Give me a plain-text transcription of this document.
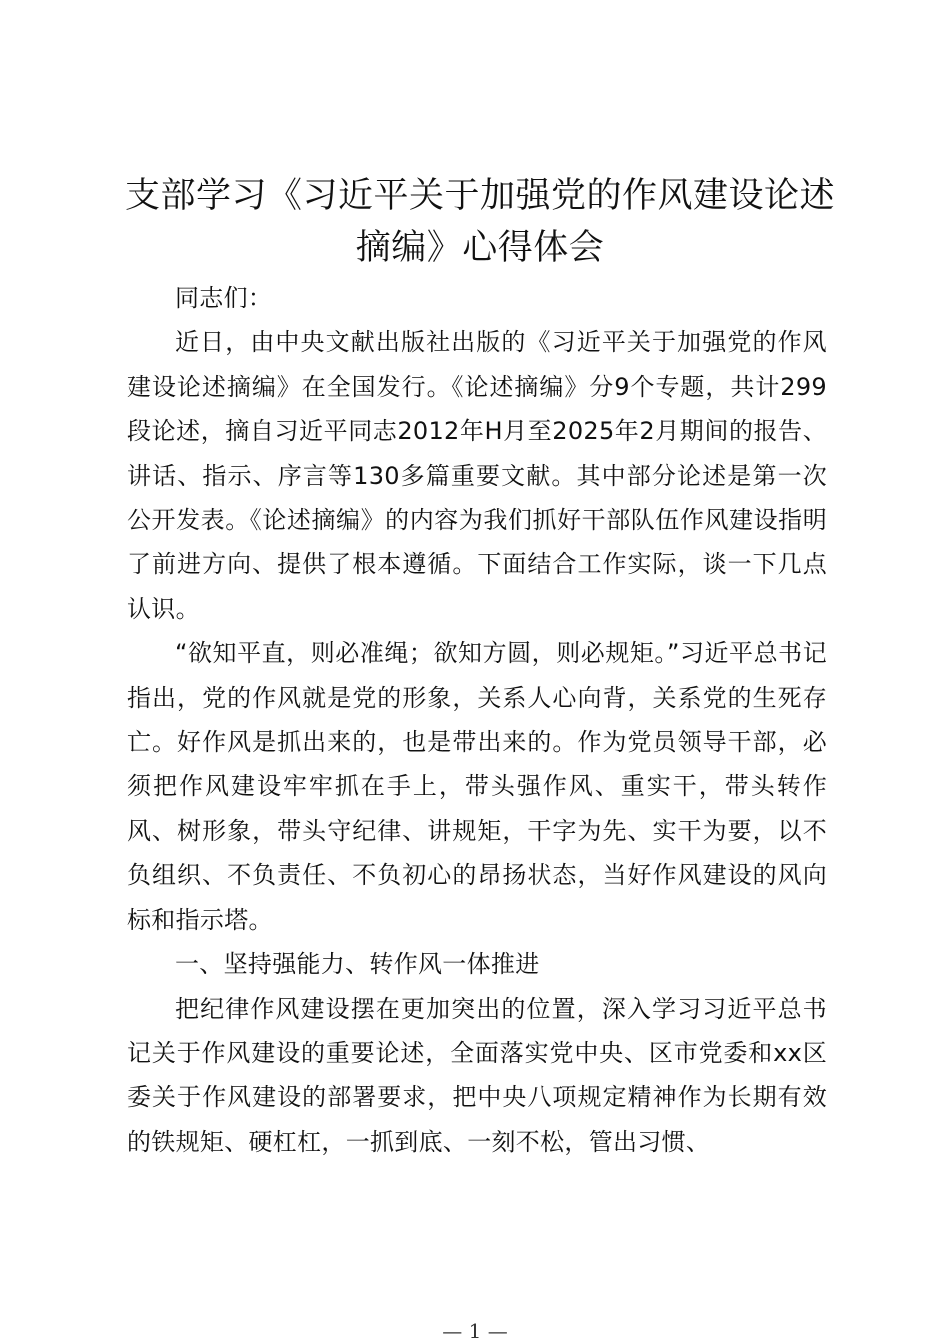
支部学习《习近平关于加强党的作风建设论述摘编》心得体会

同志们：

近日，由中央文献出版社出版的《习近平关于加强党的作风建设论述摘编》在全国发行。《论述摘编》分9个专题，共计299段论述，摘自习近平同志2012年H月至2025年2月期间的报告、讲话、指示、序言等130多篇重要文献。其中部分论述是第一次公开发表。《论述摘编》的内容为我们抓好干部队伍作风建设指明了前进方向、提供了根本遵循。下面结合工作实际，谈一下几点认识。

“欲知平直，则必准绳；欲知方圆，则必规矩。”习近平总书记指出，党的作风就是党的形象，关系人心向背，关系党的生死存亡。好作风是抓出来的，也是带出来的。作为党员领导干部，必须把作风建设牢牢抓在手上，带头强作风、重实干，带头转作风、树形象，带头守纪律、讲规矩，干字为先、实干为要，以不负组织、不负责任、不负初心的昂扬状态，当好作风建设的风向标和指示塔。

一、坚持强能力、转作风一体推进

把纪律作风建设摆在更加突出的位置，深入学习习近平总书记关于作风建设的重要论述，全面落实党中央、区市党委和xx区委关于作风建设的部署要求，把中央八项规定精神作为长期有效的铁规矩、硬杠杠，一抓到底、一刻不松，管出习惯、

— 1 —
